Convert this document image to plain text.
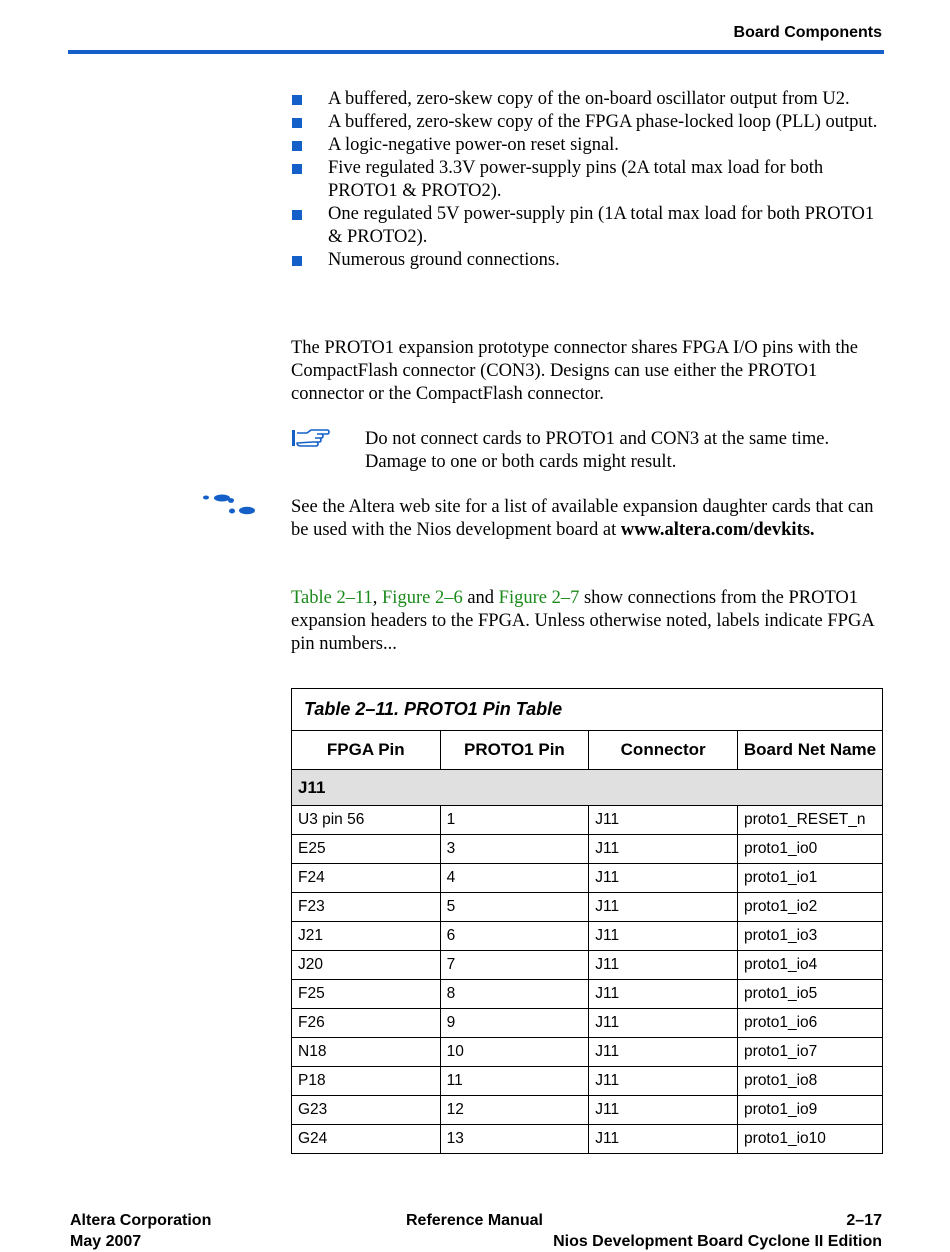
Board Components
A buffered, zero-skew copy of the on-board oscillator output from U2.
A buffered, zero-skew copy of the FPGA phase-locked loop (PLL) output.
A logic-negative power-on reset signal.
Five regulated 3.3V power-supply pins (2A total max load for both PROTO1 & PROTO2).
One regulated 5V power-supply pin (1A total max load for both PROTO1 & PROTO2).
Numerous ground connections.

The PROTO1 expansion prototype connector shares FPGA I/O pins with the CompactFlash connector (CON3). Designs can use either the PROTO1 connector or the CompactFlash connector.

Do not connect cards to PROTO1 and CON3 at the same time. Damage to one or both cards might result.

See the Altera web site for a list of available expansion daughter cards that can be used with the Nios development board at www.altera.com/devkits.

Table 2–11, Figure 2–6 and Figure 2–7 show connections from the PROTO1 expansion headers to the FPGA. Unless otherwise noted, labels indicate FPGA pin numbers...

Table 2–11. PROTO1 Pin Table			
FPGA Pin	PROTO1 Pin	Connector	Board Net Name
J11			
U3 pin 56	1	J11	proto1_RESET_n
E25	3	J11	proto1_io0
F24	4	J11	proto1_io1
F23	5	J11	proto1_io2
J21	6	J11	proto1_io3
J20	7	J11	proto1_io4
F25	8	J11	proto1_io5
F26	9	J11	proto1_io6
N18	10	J11	proto1_io7
P18	11	J11	proto1_io8
G23	12	J11	proto1_io9
G24	13	J11	proto1_io10
Altera Corporation
May 2007
Reference Manual	2–17
Nios Development Board Cyclone II Edition
